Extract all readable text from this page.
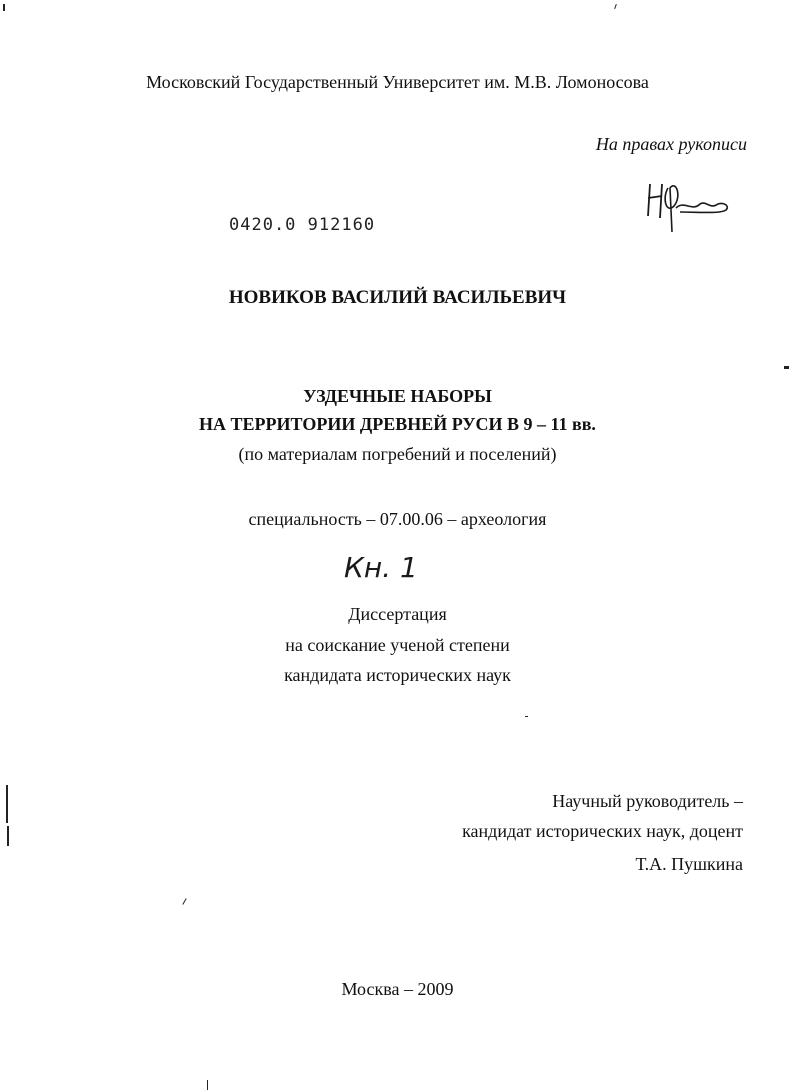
Московский Государственный Университет им. М.В. Ломоносова
На правах рукописи
0420.0 912160
НОВИКОВ ВАСИЛИЙ ВАСИЛЬЕВИЧ
УЗДЕЧНЫЕ НАБОРЫ
НА ТЕРРИТОРИИ ДРЕВНЕЙ РУСИ В 9 – 11 вв.
(по материалам погребений и поселений)
специальность – 07.00.06 – археология
Кн. 1
Диссертация
на соискание ученой степени
кандидата исторических наук
Научный руководитель –
кандидат исторических наук, доцент
Т.А. Пушкина
Москва – 2009
